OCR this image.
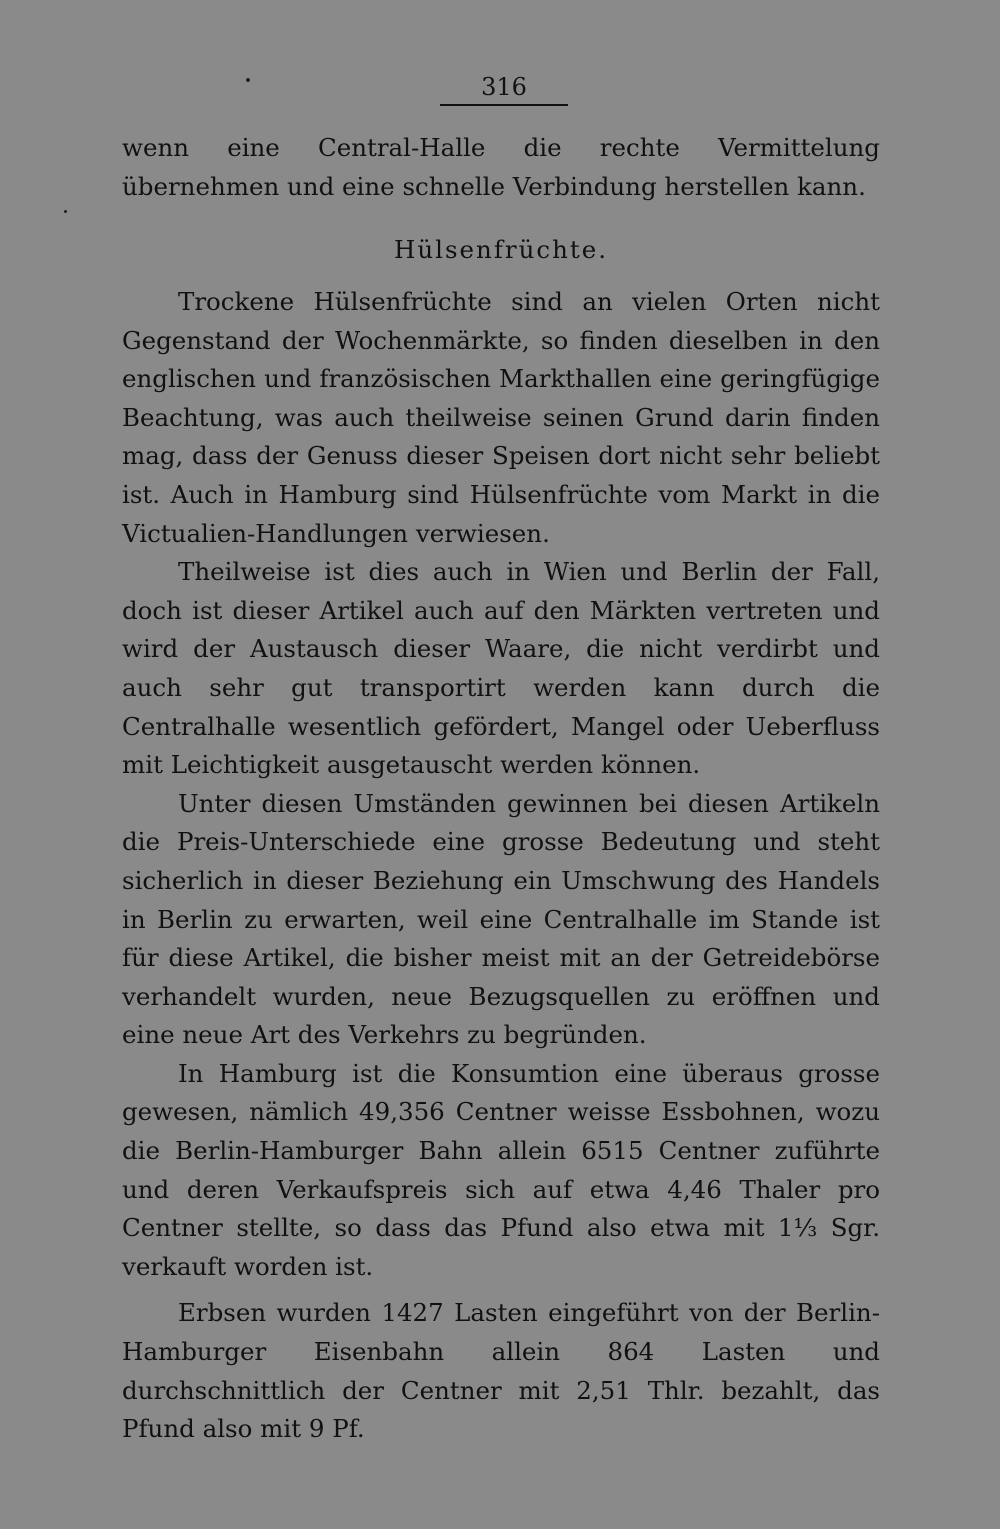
316

wenn eine Central-Halle die rechte Vermittelung übernehmen und eine schnelle Verbindung herstellen kann.

Hülsenfrüchte.

Trockene Hülsenfrüchte sind an vielen Orten nicht Gegenstand der Wochenmärkte, so finden dieselben in den englischen und französischen Markthallen eine geringfügige Beachtung, was auch theilweise seinen Grund darin finden mag, dass der Genuss dieser Speisen dort nicht sehr beliebt ist. Auch in Hamburg sind Hülsenfrüchte vom Markt in die Victualien-Handlungen verwiesen.

Theilweise ist dies auch in Wien und Berlin der Fall, doch ist dieser Artikel auch auf den Märkten vertreten und wird der Austausch dieser Waare, die nicht verdirbt und auch sehr gut transportirt werden kann durch die Centralhalle wesentlich gefördert, Mangel oder Ueberfluss mit Leichtigkeit ausgetauscht werden können.

Unter diesen Umständen gewinnen bei diesen Artikeln die Preis-Unterschiede eine grosse Bedeutung und steht sicherlich in dieser Beziehung ein Umschwung des Handels in Berlin zu erwarten, weil eine Centralhalle im Stande ist für diese Artikel, die bisher meist mit an der Getreidebörse verhandelt wurden, neue Bezugsquellen zu eröffnen und eine neue Art des Verkehrs zu begründen.

In Hamburg ist die Konsumtion eine überaus grosse gewesen, nämlich 49,356 Centner weisse Essbohnen, wozu die Berlin-Hamburger Bahn allein 6515 Centner zuführte und deren Verkaufspreis sich auf etwa 4,46 Thaler pro Centner stellte, so dass das Pfund also etwa mit 1⅓ Sgr. verkauft worden ist.

Erbsen wurden 1427 Lasten eingeführt von der Berlin-Hamburger Eisenbahn allein 864 Lasten und durchschnittlich der Centner mit 2,51 Thlr. bezahlt, das Pfund also mit 9 Pf.
